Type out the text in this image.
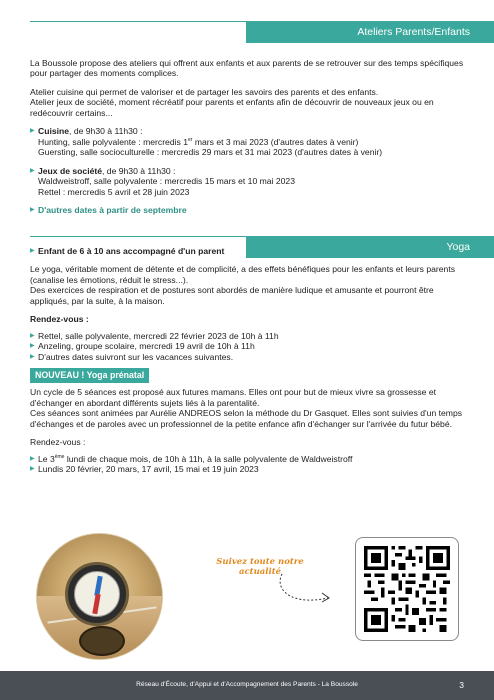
Ateliers Parents/Enfants

La Boussole propose des ateliers qui offrent aux enfants et aux parents de se retrouver sur des temps spécifiques pour partager des moments complices.

Atelier cuisine qui permet de valoriser et de partager les savoirs des parents et des enfants.

Atelier jeux de société, moment récréatif pour parents et enfants afin de découvrir de nouveaux jeux ou en redécouvrir certains...

▶ Cuisine, de 9h30 à 11h30 :

Hunting, salle polyvalente : mercredis 1er mars et 3 mai 2023 (d'autres dates à venir)

Guersting, salle socioculturelle : mercredis 29 mars et 31 mai 2023 (d'autres dates à venir)

▶ Jeux de société, de 9h30 à 11h30 :

Waldweistroff, salle polyvalente : mercredis 15 mars et 10 mai 2023

Rettel : mercredis 5 avril et 28 juin 2023

▶ D'autres dates à partir de septembre
Yoga
▶ Enfant de 6 à 10 ans accompagné d'un parent

Le yoga, véritable moment de détente et de complicité, a des effets bénéfiques pour les enfants et leurs parents (canalise les émotions, réduit le stress...).

Des exercices de respiration et de postures sont abordés de manière ludique et amusante et pourront être appliqués, par la suite, à la maison.

Rendez-vous :

▶ Rettel, salle polyvalente, mercredi 22 février 2023 de 10h à 11h
▶ Anzeling, groupe scolaire, mercredi 19 avril de 10h à 11h
▶ D'autres dates suivront sur les vacances suivantes.
NOUVEAU ! Yoga prénatal

Un cycle de 5 séances est proposé aux futures mamans. Elles ont pour but de mieux vivre sa grossesse et d'échanger en abordant différents sujets liés à la parentalité.

Ces séances sont animées par Aurélie ANDREOS selon la méthode du Dr Gasquet. Elles sont suivies d'un temps d'échanges et de paroles avec un professionnel de la petite enfance afin d'échanger sur l'arrivée du futur bébé.

Rendez-vous :

▶ Le 3ème lundi de chaque mois, de 10h à 11h, à la salle polyvalente de Waldweistroff
▶ Lundis 20 février, 20 mars, 17 avril, 15 mai et 19 juin 2023
Suivez toute notre actualité
Réseau d'Écoute, d'Appui et d'Accompagnement des Parents - La Boussole	3
